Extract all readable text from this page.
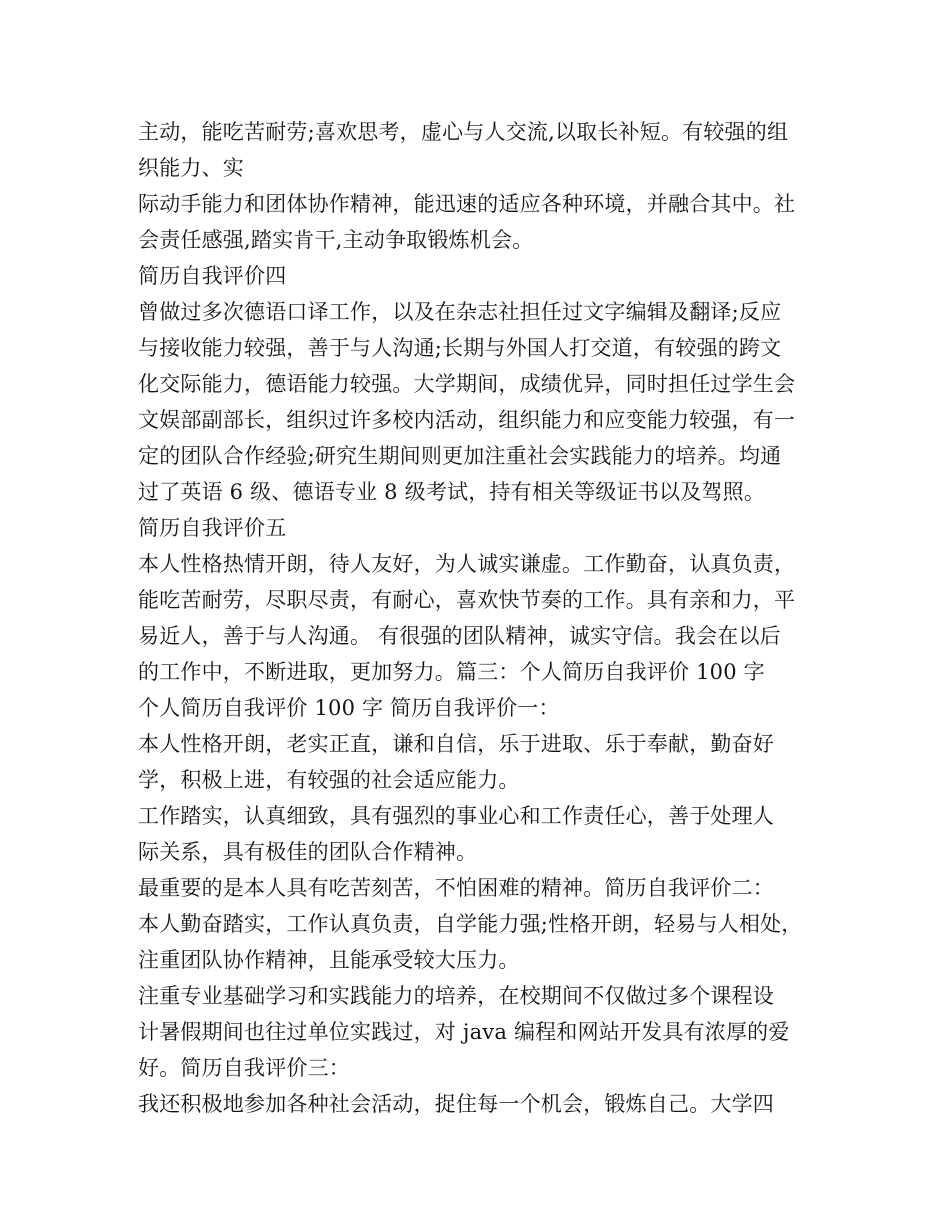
主动，能吃苦耐劳;喜欢思考，虚心与人交流,以取长补短。有较强的组
织能力、实
际动手能力和团体协作精神，能迅速的适应各种环境，并融合其中。社
会责任感强,踏实肯干,主动争取锻炼机会。
简历自我评价四
曾做过多次德语口译工作，以及在杂志社担任过文字编辑及翻译;反应
与接收能力较强，善于与人沟通;长期与外国人打交道，有较强的跨文
化交际能力，德语能力较强。大学期间，成绩优异，同时担任过学生会
文娱部副部长，组织过许多校内活动，组织能力和应变能力较强，有一
定的团队合作经验;研究生期间则更加注重社会实践能力的培养。均通
过了英语 6 级、德语专业 8 级考试，持有相关等级证书以及驾照。
简历自我评价五
本人性格热情开朗，待人友好，为人诚实谦虚。工作勤奋，认真负责，
能吃苦耐劳，尽职尽责，有耐心，喜欢快节奏的工作。具有亲和力，平
易近人，善于与人沟通。 有很强的团队精神，诚实守信。我会在以后
的工作中，不断进取，更加努力。篇三：个人简历自我评价 100 字
个人简历自我评价 100 字 简历自我评价一：
本人性格开朗，老实正直，谦和自信，乐于进取、乐于奉献，勤奋好
学，积极上进，有较强的社会适应能力。
工作踏实，认真细致，具有强烈的事业心和工作责任心，善于处理人
际关系，具有极佳的团队合作精神。
最重要的是本人具有吃苦刻苦，不怕困难的精神。简历自我评价二：
本人勤奋踏实，工作认真负责，自学能力强;性格开朗，轻易与人相处，
注重团队协作精神，且能承受较大压力。
注重专业基础学习和实践能力的培养，在校期间不仅做过多个课程设
计暑假期间也往过单位实践过，对 java 编程和网站开发具有浓厚的爱
好。简历自我评价三：
我还积极地参加各种社会活动，捉住每一个机会，锻炼自己。大学四
